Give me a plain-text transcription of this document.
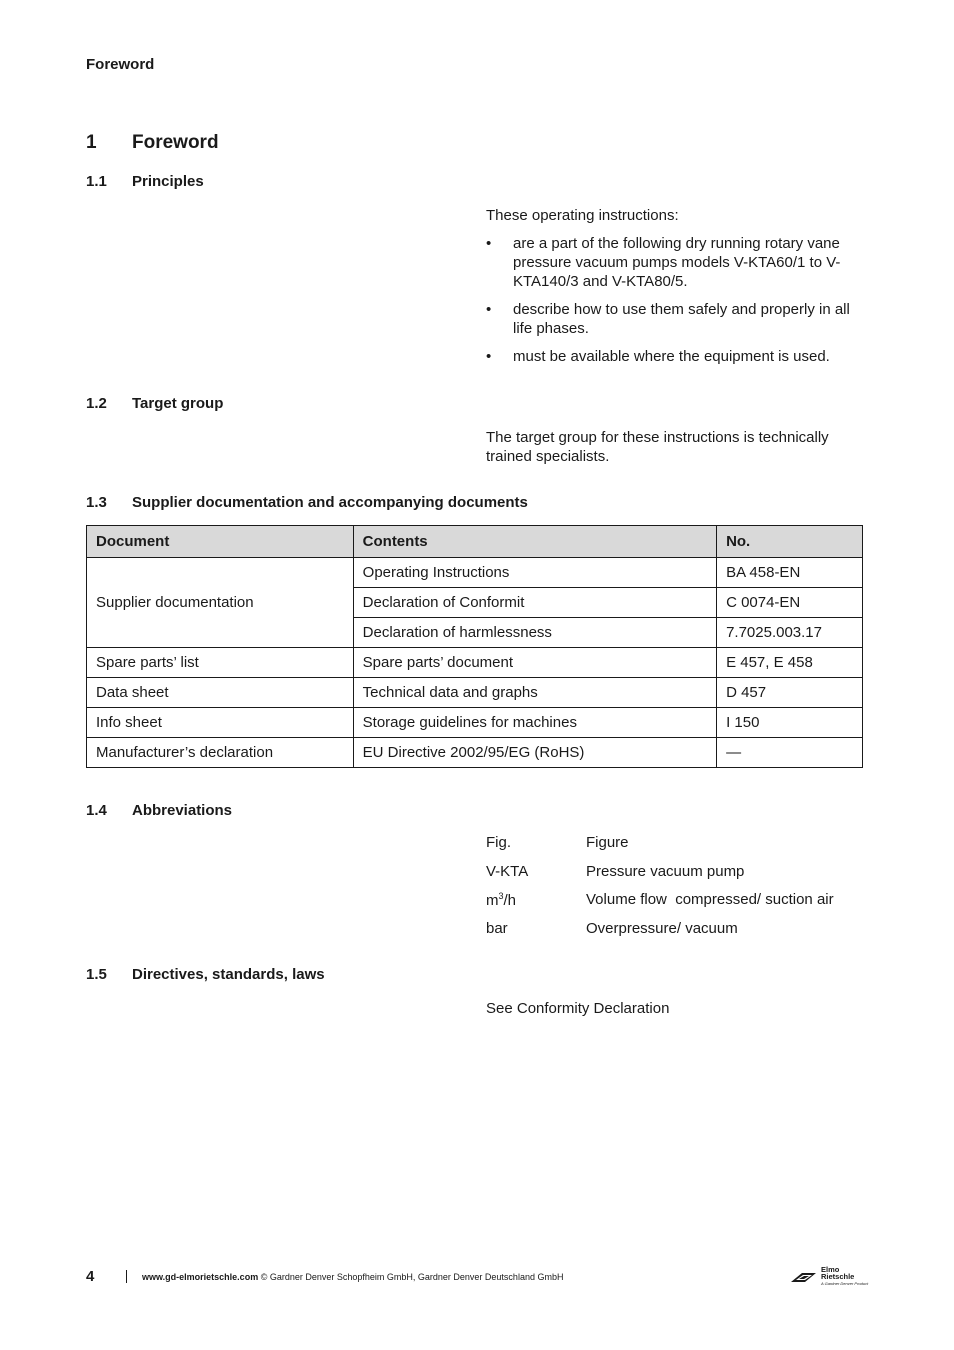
Foreword
1 Foreword
1.1 Principles
These operating instructions:
• are a part of the following dry running rotary vane pressure vacuum pumps models V-KTA60/1 to V-KTA140/3 and V-KTA80/5.
• describe how to use them safely and properly in all life phases.
• must be available where the equipment is used.
1.2 Target group
The target group for these instructions is technically trained specialists.
1.3 Supplier documentation and accompanying documents
Document	Contents	No.
Supplier documentation	Operating Instructions	BA 458-EN
	Declaration of Conformit	C 0074-EN
	Declaration of harmlessness	7.7025.003.17
Spare parts’ list	Spare parts’ document	E 457, E 458
Data sheet	Technical data and graphs	D 457
Info sheet	Storage guidelines for machines	I 150
Manufacturer’s declaration	EU Directive 2002/95/EG (RoHS)	—
1.4 Abbreviations
Fig.	Figure
V-KTA	Pressure vacuum pump
$m^3/h$	Volume flow  compressed/ suction air
bar	Overpressure/ vacuum
1.5 Directives, standards, laws
See Conformity Declaration
4	www.gd-elmorietschle.com © Gardner Denver Schopfheim GmbH, Gardner Denver Deutschland GmbH
Elmo
Rietschle
A Gardner Denver Product
